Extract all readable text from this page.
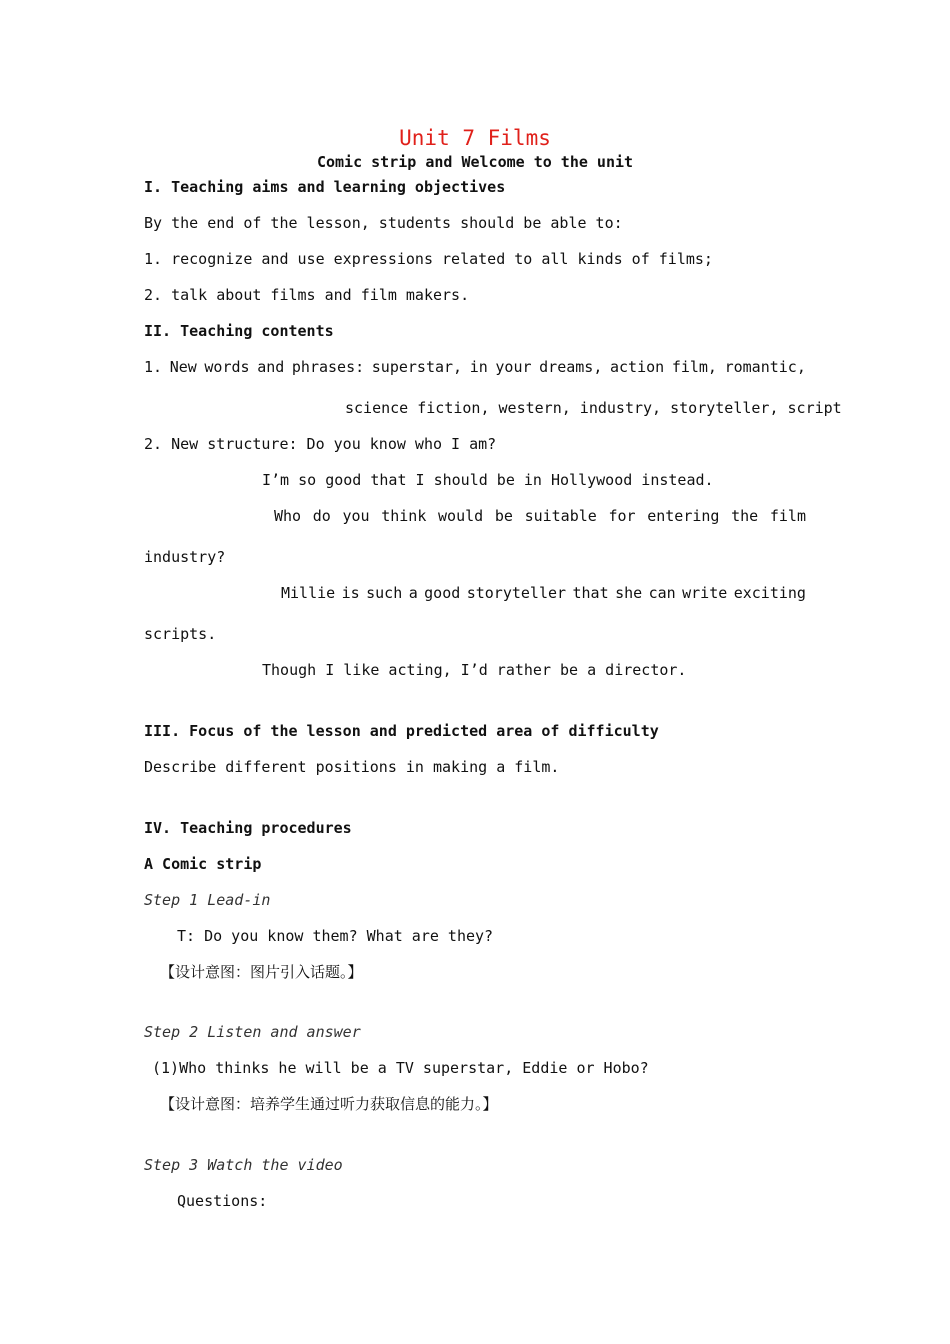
Unit 7 Films
Comic strip and Welcome to the unit
I. Teaching aims and learning objectives
By the end of the lesson, students should be able to:
1. recognize and use expressions related to all kinds of films;
2. talk about films and film makers.
II. Teaching contents
1. New words and phrases: superstar, in your dreams, action film, romantic,
science fiction, western, industry, storyteller, script
2. New structure: Do you know who I am?
I’m so good that I should be in Hollywood instead.
Who do you think would be suitable for entering the film
industry?
Millie is such a good storyteller that she can write exciting
scripts.
Though I like acting, I’d rather be a director.
III. Focus of the lesson and predicted area of difficulty
Describe different positions in making a film.
IV. Teaching procedures
A Comic strip
Step 1 Lead-in
T: Do you know them? What are they?
【设计意图：图片引入话题。】
Step 2 Listen and answer
(1)Who thinks he will be a TV superstar, Eddie or Hobo?
【设计意图：培养学生通过听力获取信息的能力。】
Step 3 Watch the video
Questions:
